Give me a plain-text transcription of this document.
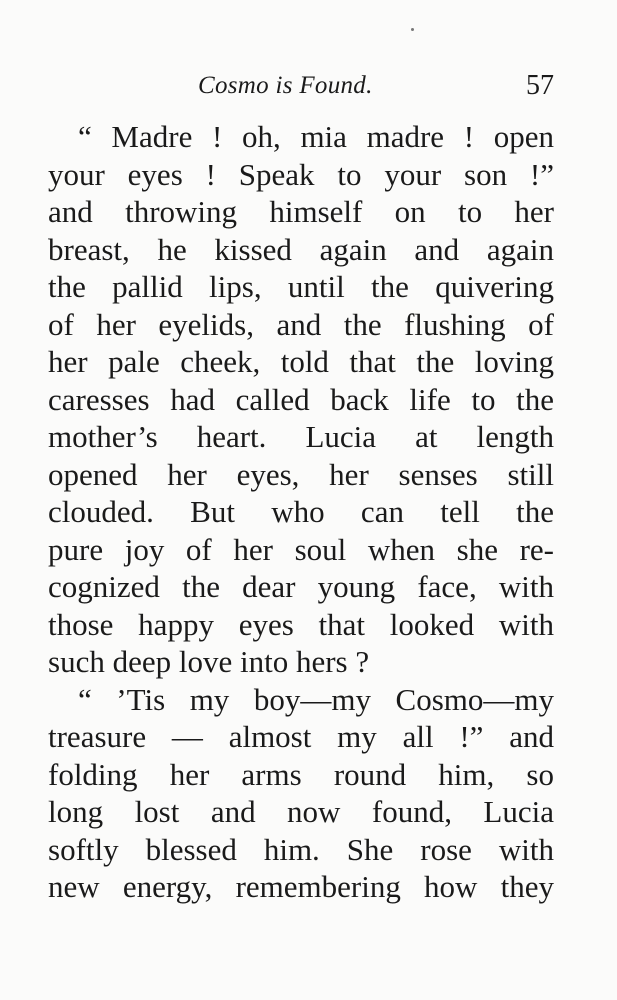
Cosmo is Found.	57
“ Madre ! oh, mia madre ! open
your eyes ! Speak to your son !”
and throwing himself on to her
breast, he kissed again and again
the pallid lips, until the quivering
of her eyelids, and the flushing of
her pale cheek, told that the loving
caresses had called back life to the
mother’s heart. Lucia at length
opened her eyes, her senses still
clouded. But who can tell the
pure joy of her soul when she re-
cognized the dear young face, with
those happy eyes that looked with
such deep love into hers ?
“ ’Tis my boy—my Cosmo—my
treasure — almost my all !” and
folding her arms round him, so
long lost and now found, Lucia
softly blessed him. She rose with
new energy, remembering how they
